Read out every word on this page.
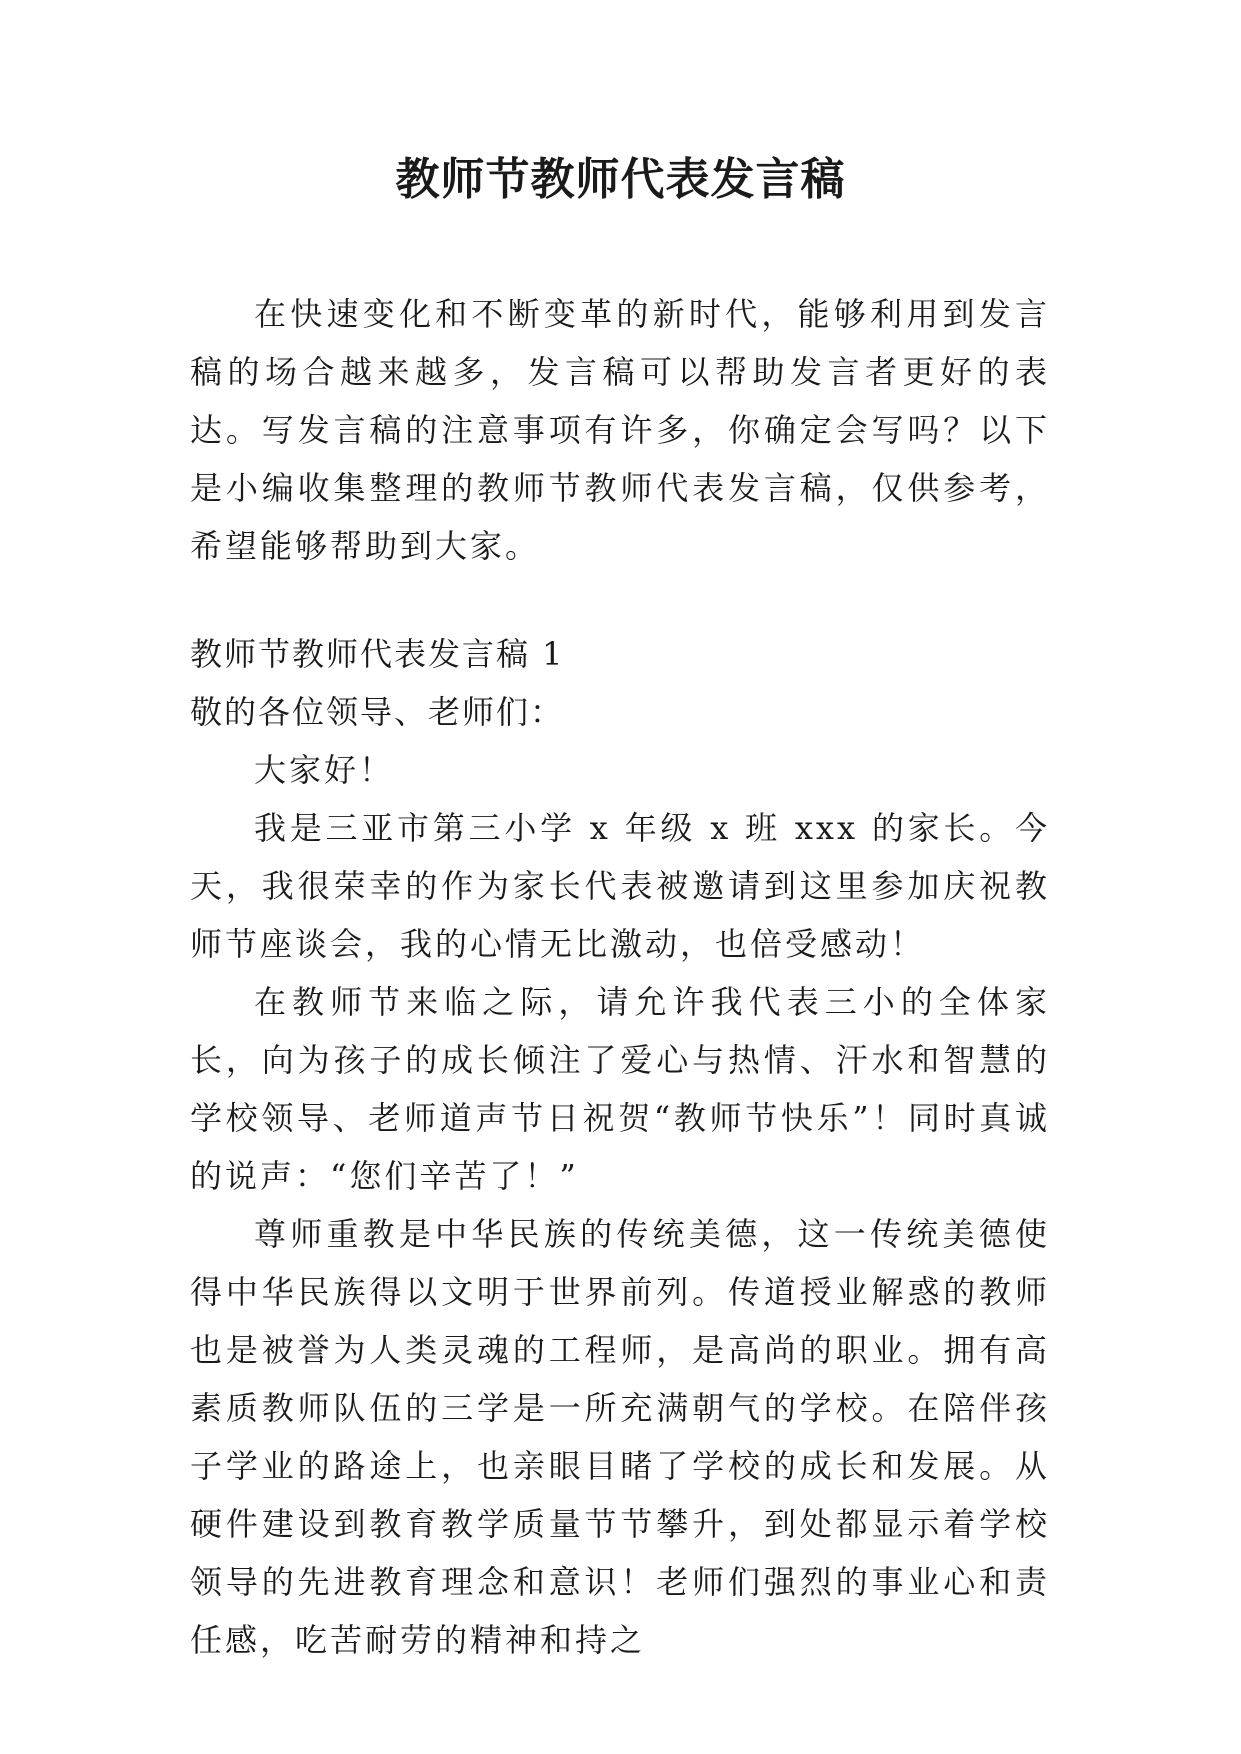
教师节教师代表发言稿

在快速变化和不断变革的新时代，能够利用到发言稿的场合越来越多，发言稿可以帮助发言者更好的表达。写发言稿的注意事项有许多，你确定会写吗？以下是小编收集整理的教师节教师代表发言稿，仅供参考，希望能够帮助到大家。

教师节教师代表发言稿 1

敬的各位领导、老师们：

大家好！

我是三亚市第三小学 x 年级 x 班 xxx 的家长。今天，我很荣幸的作为家长代表被邀请到这里参加庆祝教师节座谈会，我的心情无比激动，也倍受感动！

在教师节来临之际，请允许我代表三小的全体家长，向为孩子的成长倾注了爱心与热情、汗水和智慧的学校领导、老师道声节日祝贺“教师节快乐”！同时真诚的说声：“您们辛苦了！”

尊师重教是中华民族的传统美德，这一传统美德使得中华民族得以文明于世界前列。传道授业解惑的教师也是被誉为人类灵魂的工程师，是高尚的职业。拥有高素质教师队伍的三学是一所充满朝气的学校。在陪伴孩子学业的路途上，也亲眼目睹了学校的成长和发展。从硬件建设到教育教学质量节节攀升，到处都显示着学校领导的先进教育理念和意识！老师们强烈的事业心和责任感，吃苦耐劳的精神和持之
